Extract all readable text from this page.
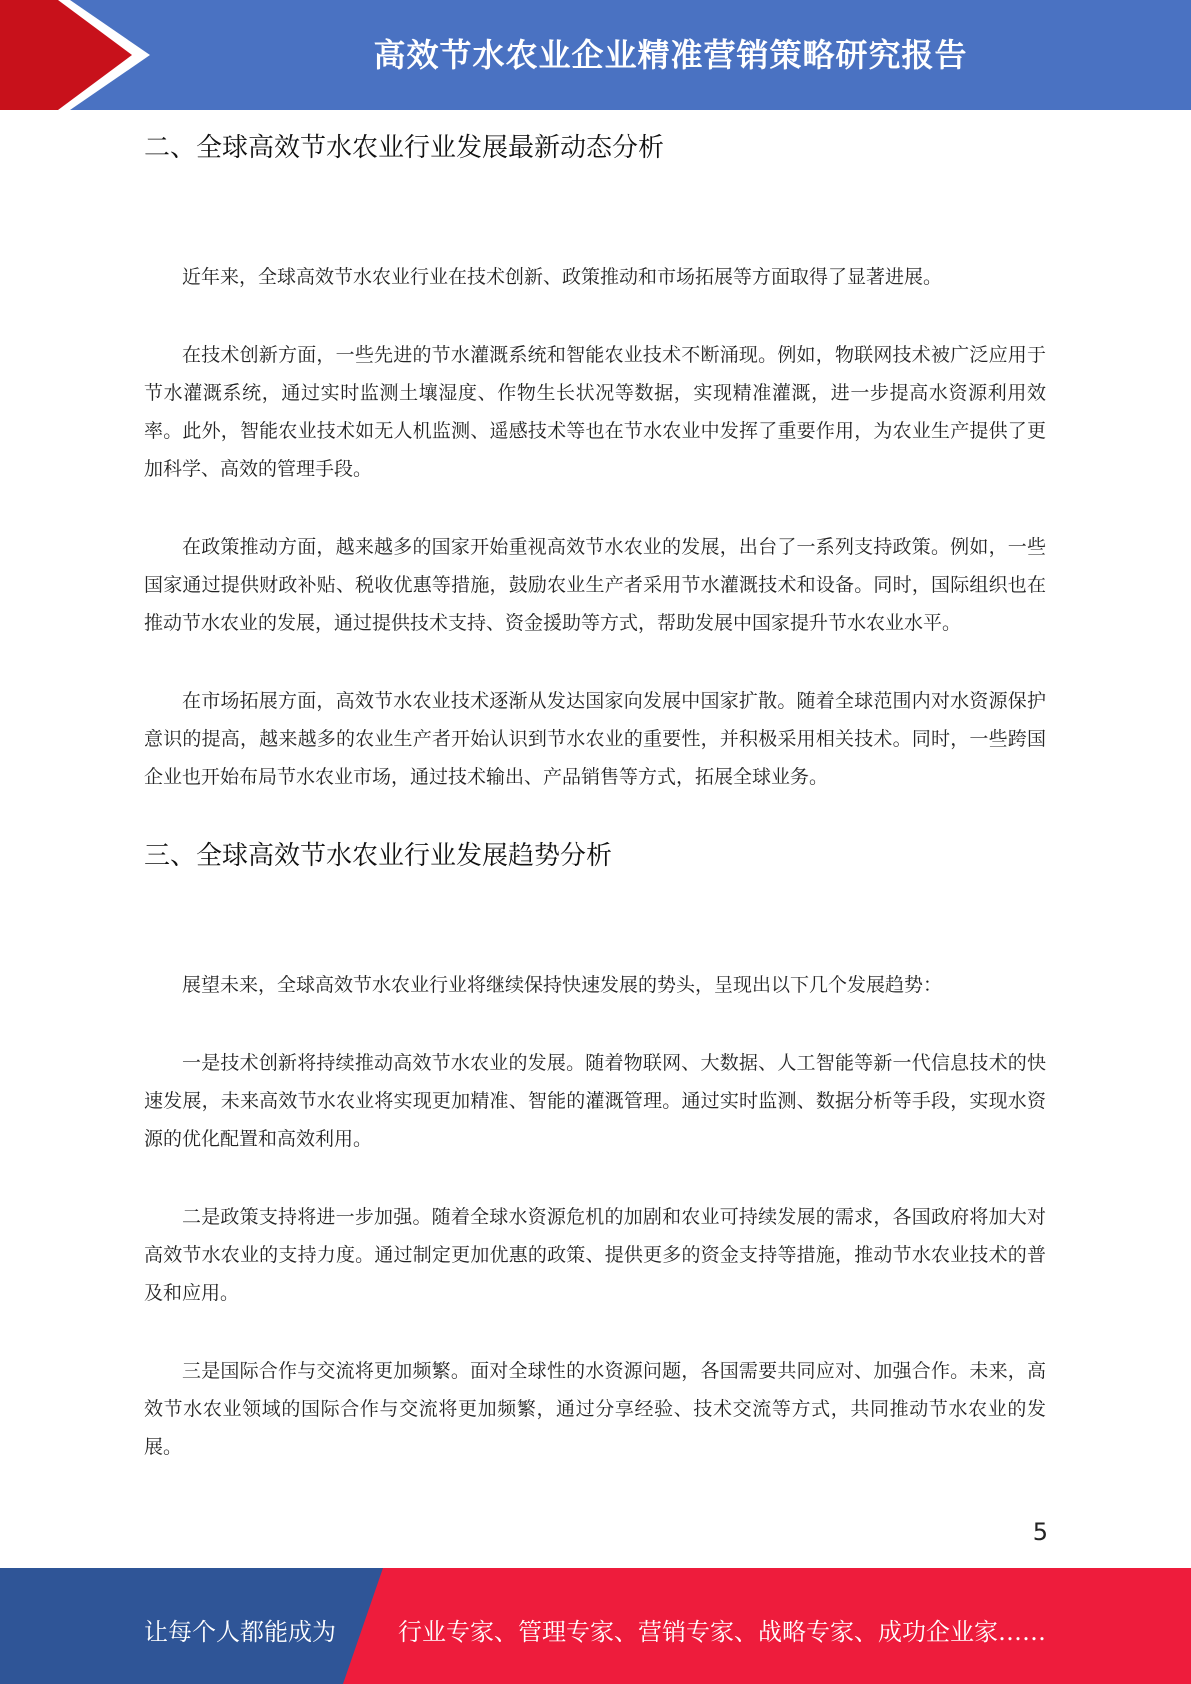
高效节水农业企业精准营销策略研究报告
二、全球高效节水农业行业发展最新动态分析

近年来，全球高效节水农业行业在技术创新、政策推动和市场拓展等方面取得了显著进展。

在技术创新方面，一些先进的节水灌溉系统和智能农业技术不断涌现。例如，物联网技术被广泛应用于节水灌溉系统，通过实时监测土壤湿度、作物生长状况等数据，实现精准灌溉，进一步提高水资源利用效率。此外，智能农业技术如无人机监测、遥感技术等也在节水农业中发挥了重要作用，为农业生产提供了更加科学、高效的管理手段。

在政策推动方面，越来越多的国家开始重视高效节水农业的发展，出台了一系列支持政策。例如，一些国家通过提供财政补贴、税收优惠等措施，鼓励农业生产者采用节水灌溉技术和设备。同时，国际组织也在推动节水农业的发展，通过提供技术支持、资金援助等方式，帮助发展中国家提升节水农业水平。

在市场拓展方面，高效节水农业技术逐渐从发达国家向发展中国家扩散。随着全球范围内对水资源保护意识的提高，越来越多的农业生产者开始认识到节水农业的重要性，并积极采用相关技术。同时，一些跨国企业也开始布局节水农业市场，通过技术输出、产品销售等方式，拓展全球业务。

三、全球高效节水农业行业发展趋势分析

展望未来，全球高效节水农业行业将继续保持快速发展的势头，呈现出以下几个发展趋势：

一是技术创新将持续推动高效节水农业的发展。随着物联网、大数据、人工智能等新一代信息技术的快速发展，未来高效节水农业将实现更加精准、智能的灌溉管理。通过实时监测、数据分析等手段，实现水资源的优化配置和高效利用。

二是政策支持将进一步加强。随着全球水资源危机的加剧和农业可持续发展的需求，各国政府将加大对高效节水农业的支持力度。通过制定更加优惠的政策、提供更多的资金支持等措施，推动节水农业技术的普及和应用。

三是国际合作与交流将更加频繁。面对全球性的水资源问题，各国需要共同应对、加强合作。未来，高效节水农业领域的国际合作与交流将更加频繁，通过分享经验、技术交流等方式，共同推动节水农业的发展。

5
让每个人都能成为	行业专家、管理专家、营销专家、战略专家、成功企业家……
